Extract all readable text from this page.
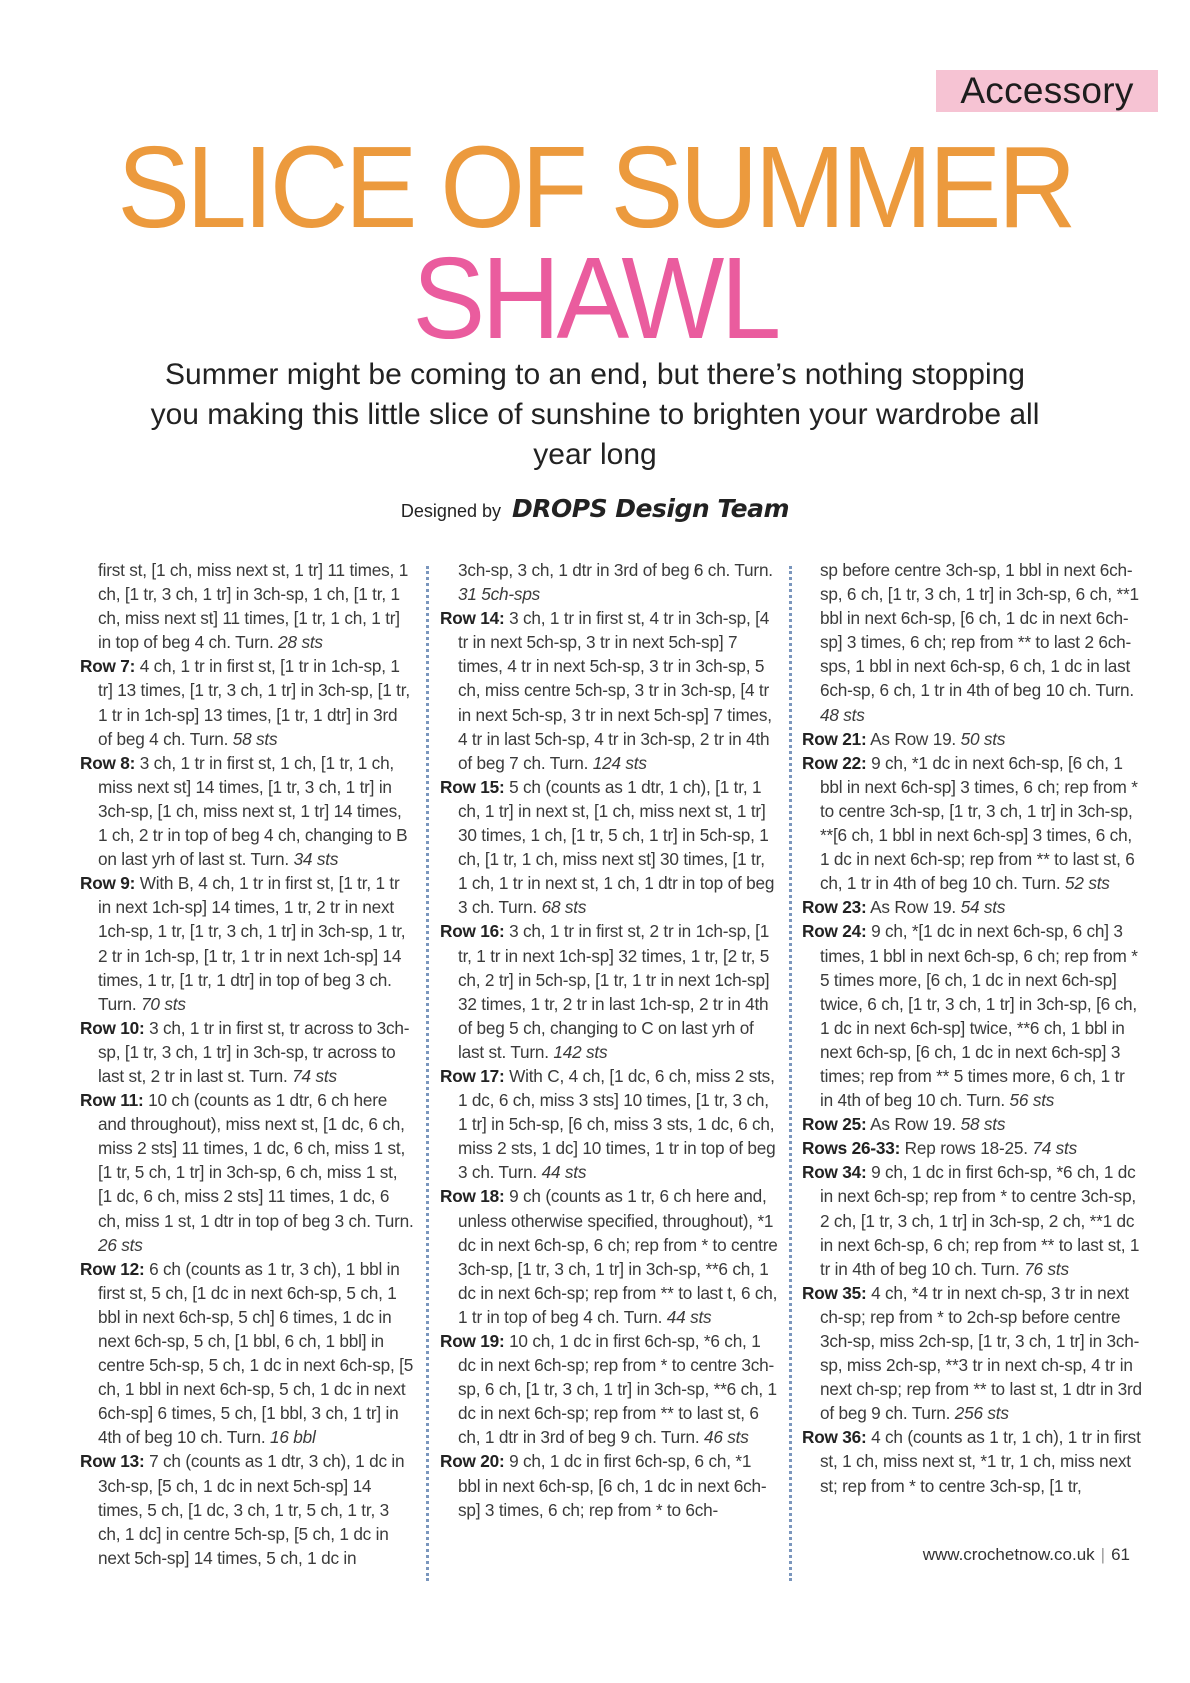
Accessory
SLICE OF SUMMER
SHAWL
Summer might be coming to an end, but there’s nothing stopping you making this little slice of sunshine to brighten your wardrobe all year long
Designed by DROPS Design Team
first st, [1 ch, miss next st, 1 tr] 11 times, 1 ch, [1 tr, 3 ch, 1 tr] in 3ch-sp, 1 ch, [1 tr, 1 ch, miss next st] 11 times, [1 tr, 1 ch, 1 tr] in top of beg 4 ch. Turn. 28 sts
Row 7: 4 ch, 1 tr in first st, [1 tr in 1ch-sp, 1 tr] 13 times, [1 tr, 3 ch, 1 tr] in 3ch-sp, [1 tr, 1 tr in 1ch-sp] 13 times, [1 tr, 1 dtr] in 3rd of beg 4 ch. Turn. 58 sts
Row 8: 3 ch, 1 tr in first st, 1 ch, [1 tr, 1 ch, miss next st] 14 times, [1 tr, 3 ch, 1 tr] in 3ch-sp, [1 ch, miss next st, 1 tr] 14 times, 1 ch, 2 tr in top of beg 4 ch, changing to B on last yrh of last st. Turn. 34 sts
Row 9: With B, 4 ch, 1 tr in first st, [1 tr, 1 tr in next 1ch-sp] 14 times, 1 tr, 2 tr in next 1ch-sp, 1 tr, [1 tr, 3 ch, 1 tr] in 3ch-sp, 1 tr, 2 tr in 1ch-sp, [1 tr, 1 tr in next 1ch-sp] 14 times, 1 tr, [1 tr, 1 dtr] in top of beg 3 ch. Turn. 70 sts
Row 10: 3 ch, 1 tr in first st, tr across to 3ch-sp, [1 tr, 3 ch, 1 tr] in 3ch-sp, tr across to last st, 2 tr in last st. Turn. 74 sts
Row 11: 10 ch (counts as 1 dtr, 6 ch here and throughout), miss next st, [1 dc, 6 ch, miss 2 sts] 11 times, 1 dc, 6 ch, miss 1 st, [1 tr, 5 ch, 1 tr] in 3ch-sp, 6 ch, miss 1 st, [1 dc, 6 ch, miss 2 sts] 11 times, 1 dc, 6 ch, miss 1 st, 1 dtr in top of beg 3 ch. Turn. 26 sts
Row 12: 6 ch (counts as 1 tr, 3 ch), 1 bbl in first st, 5 ch, [1 dc in next 6ch-sp, 5 ch, 1 bbl in next 6ch-sp, 5 ch] 6 times, 1 dc in next 6ch-sp, 5 ch, [1 bbl, 6 ch, 1 bbl] in centre 5ch-sp, 5 ch, 1 dc in next 6ch-sp, [5 ch, 1 bbl in next 6ch-sp, 5 ch, 1 dc in next 6ch-sp] 6 times, 5 ch, [1 bbl, 3 ch, 1 tr] in 4th of beg 10 ch. Turn. 16 bbl
Row 13: 7 ch (counts as 1 dtr, 3 ch), 1 dc in 3ch-sp, [5 ch, 1 dc in next 5ch-sp] 14 times, 5 ch, [1 dc, 3 ch, 1 tr, 5 ch, 1 tr, 3 ch, 1 dc] in centre 5ch-sp, [5 ch, 1 dc in next 5ch-sp] 14 times, 5 ch, 1 dc in
3ch-sp, 3 ch, 1 dtr in 3rd of beg 6 ch. Turn. 31 5ch-sps
Row 14: 3 ch, 1 tr in first st, 4 tr in 3ch-sp, [4 tr in next 5ch-sp, 3 tr in next 5ch-sp] 7 times, 4 tr in next 5ch-sp, 3 tr in 3ch-sp, 5 ch, miss centre 5ch-sp, 3 tr in 3ch-sp, [4 tr in next 5ch-sp, 3 tr in next 5ch-sp] 7 times, 4 tr in last 5ch-sp, 4 tr in 3ch-sp, 2 tr in 4th of beg 7 ch. Turn. 124 sts
Row 15: 5 ch (counts as 1 dtr, 1 ch), [1 tr, 1 ch, 1 tr] in next st, [1 ch, miss next st, 1 tr] 30 times, 1 ch, [1 tr, 5 ch, 1 tr] in 5ch-sp, 1 ch, [1 tr, 1 ch, miss next st] 30 times, [1 tr, 1 ch, 1 tr in next st, 1 ch, 1 dtr in top of beg 3 ch. Turn. 68 sts
Row 16: 3 ch, 1 tr in first st, 2 tr in 1ch-sp, [1 tr, 1 tr in next 1ch-sp] 32 times, 1 tr, [2 tr, 5 ch, 2 tr] in 5ch-sp, [1 tr, 1 tr in next 1ch-sp] 32 times, 1 tr, 2 tr in last 1ch-sp, 2 tr in 4th of beg 5 ch, changing to C on last yrh of last st. Turn. 142 sts
Row 17: With C, 4 ch, [1 dc, 6 ch, miss 2 sts, 1 dc, 6 ch, miss 3 sts] 10 times, [1 tr, 3 ch, 1 tr] in 5ch-sp, [6 ch, miss 3 sts, 1 dc, 6 ch, miss 2 sts, 1 dc] 10 times, 1 tr in top of beg 3 ch. Turn. 44 sts
Row 18: 9 ch (counts as 1 tr, 6 ch here and, unless otherwise specified, throughout), *1 dc in next 6ch-sp, 6 ch; rep from * to centre 3ch-sp, [1 tr, 3 ch, 1 tr] in 3ch-sp, **6 ch, 1 dc in next 6ch-sp; rep from ** to last t, 6 ch, 1 tr in top of beg 4 ch. Turn. 44 sts
Row 19: 10 ch, 1 dc in first 6ch-sp, *6 ch, 1 dc in next 6ch-sp; rep from * to centre 3ch-sp, 6 ch, [1 tr, 3 ch, 1 tr] in 3ch-sp, **6 ch, 1 dc in next 6ch-sp; rep from ** to last st, 6 ch, 1 dtr in 3rd of beg 9 ch. Turn. 46 sts
Row 20: 9 ch, 1 dc in first 6ch-sp, 6 ch, *1 bbl in next 6ch-sp, [6 ch, 1 dc in next 6ch-sp] 3 times, 6 ch; rep from * to 6ch-
sp before centre 3ch-sp, 1 bbl in next 6ch-sp, 6 ch, [1 tr, 3 ch, 1 tr] in 3ch-sp, 6 ch, **1 bbl in next 6ch-sp, [6 ch, 1 dc in next 6ch-sp] 3 times, 6 ch; rep from ** to last 2 6ch-sps, 1 bbl in next 6ch-sp, 6 ch, 1 dc in last 6ch-sp, 6 ch, 1 tr in 4th of beg 10 ch. Turn. 48 sts
Row 21: As Row 19. 50 sts
Row 22: 9 ch, *1 dc in next 6ch-sp, [6 ch, 1 bbl in next 6ch-sp] 3 times, 6 ch; rep from * to centre 3ch-sp, [1 tr, 3 ch, 1 tr] in 3ch-sp, **[6 ch, 1 bbl in next 6ch-sp] 3 times, 6 ch, 1 dc in next 6ch-sp; rep from ** to last st, 6 ch, 1 tr in 4th of beg 10 ch. Turn. 52 sts
Row 23: As Row 19. 54 sts
Row 24: 9 ch, *[1 dc in next 6ch-sp, 6 ch] 3 times, 1 bbl in next 6ch-sp, 6 ch; rep from * 5 times more, [6 ch, 1 dc in next 6ch-sp] twice, 6 ch, [1 tr, 3 ch, 1 tr] in 3ch-sp, [6 ch, 1 dc in next 6ch-sp] twice, **6 ch, 1 bbl in next 6ch-sp, [6 ch, 1 dc in next 6ch-sp] 3 times; rep from ** 5 times more, 6 ch, 1 tr in 4th of beg 10 ch. Turn. 56 sts
Row 25: As Row 19. 58 sts
Rows 26-33: Rep rows 18-25. 74 sts
Row 34: 9 ch, 1 dc in first 6ch-sp, *6 ch, 1 dc in next 6ch-sp; rep from * to centre 3ch-sp, 2 ch, [1 tr, 3 ch, 1 tr] in 3ch-sp, 2 ch, **1 dc in next 6ch-sp, 6 ch; rep from ** to last st, 1 tr in 4th of beg 10 ch. Turn. 76 sts
Row 35: 4 ch, *4 tr in next ch-sp, 3 tr in next ch-sp; rep from * to 2ch-sp before centre 3ch-sp, miss 2ch-sp, [1 tr, 3 ch, 1 tr] in 3ch-sp, miss 2ch-sp, **3 tr in next ch-sp, 4 tr in next ch-sp; rep from ** to last st, 1 dtr in 3rd of beg 9 ch. Turn. 256 sts
Row 36: 4 ch (counts as 1 tr, 1 ch), 1 tr in first st, 1 ch, miss next st, *1 tr, 1 ch, miss next st; rep from * to centre 3ch-sp, [1 tr,
www.crochetnow.co.uk | 61
